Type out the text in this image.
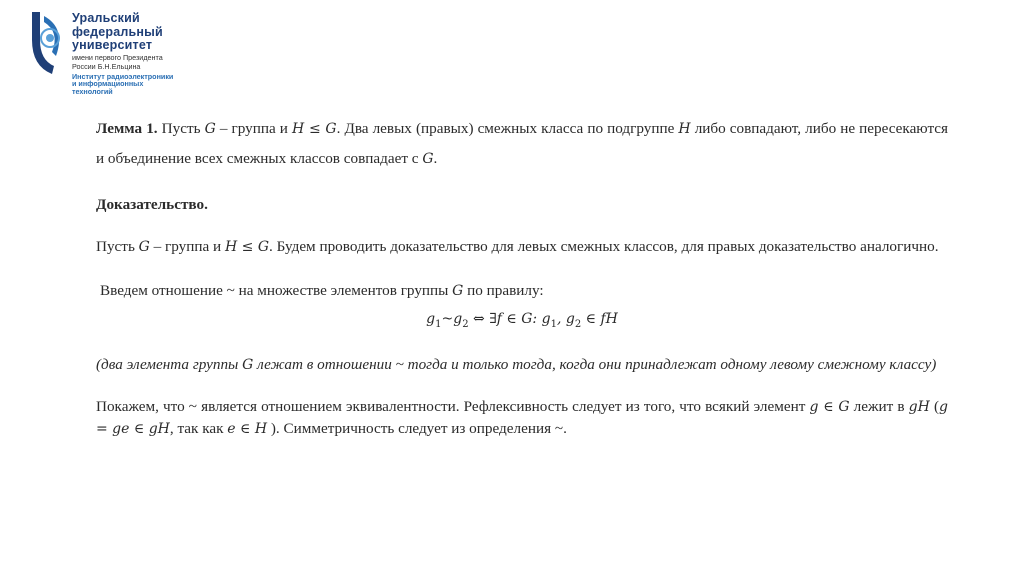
Уральский
федеральный
университет
имени первого Президента
России Б.Н.Ельцина
Институт радиоэлектроники
и информационных
технологий

Лемма 1. Пусть G – группа и H ≤ G. Два левых (правых) смежных класса по подгруппе H либо совпадают, либо не пересекаются и объединение всех смежных классов совпадает с G.

Доказательство.

Пусть G – группа и H ≤ G. Будем проводить доказательство для левых смежных классов, для правых доказательство аналогично.

Введем отношение ~ на множестве элементов группы G по правилу:

$g_1\sim g_2$ ⇔ ∃f ∈ G: $g_1$, $g_2$ ∈ fH

(два элемента группы G лежат в отношении ~ тогда и только тогда, когда они принадлежат одному левому смежному классу)

Покажем, что ~ является отношением эквивалентности. Рефлексивность следует из того, что всякий элемент g ∈ G лежит в gH (g = ge ∈ gH, так как e ∈ H ). Симметричность следует из определения ~.
